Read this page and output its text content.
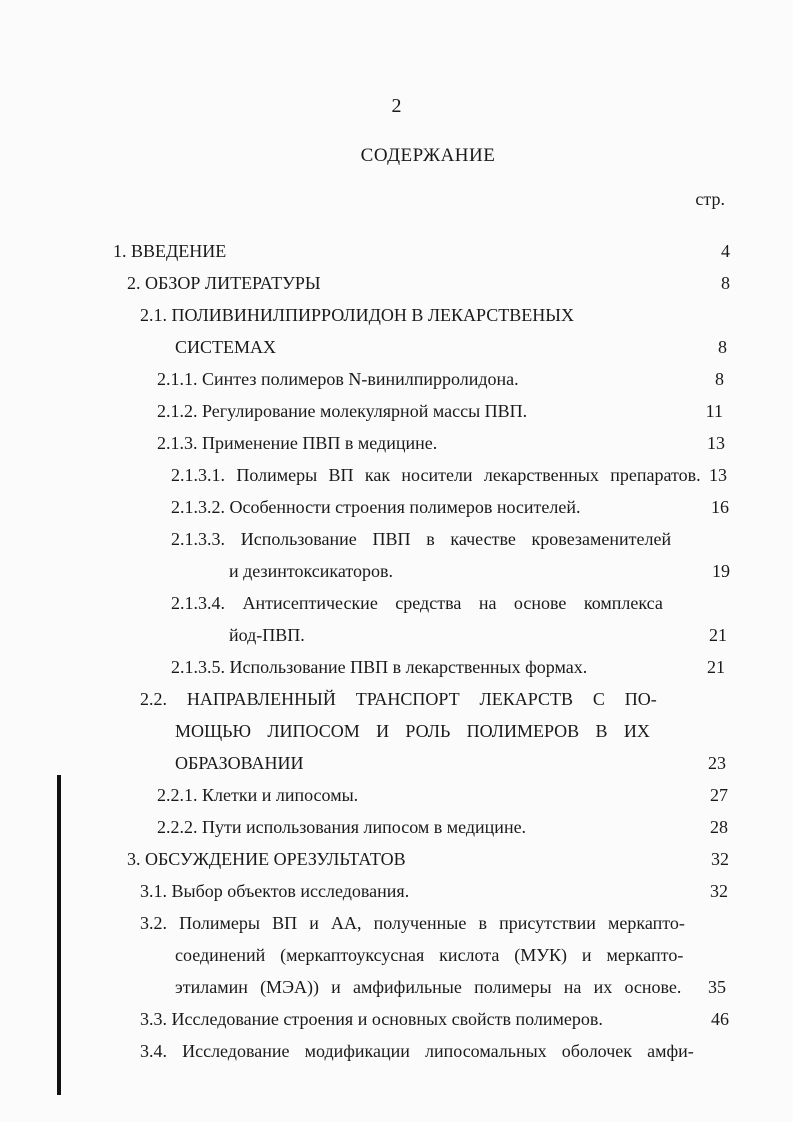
2
СОДЕРЖАНИЕ
стр.
1. ВВЕДЕНИЕ	4
2. ОБЗОР ЛИТЕРАТУРЫ	8
2.1. ПОЛИВИНИЛПИРРОЛИДОН В ЛЕКАРСТВЕНЫХ
СИСТЕМАХ	8
2.1.1. Синтез полимеров N-винилпирролидона.	8
2.1.2. Регулирование молекулярной массы ПВП.	11
2.1.3. Применение ПВП в медицине.	13
2.1.3.1. Полимеры ВП как носители лекарственных препаратов. 13
2.1.3.2. Особенности строения полимеров носителей.	16
2.1.3.3. Использование ПВП в качестве кровезаменителей
и дезинтоксикаторов.	19
2.1.3.4. Антисептические средства на основе комплекса
йод-ПВП.	21
2.1.3.5. Использование ПВП в лекарственных формах.	21
2.2. НАПРАВЛЕННЫЙ ТРАНСПОРТ ЛЕКАРСТВ С ПО-
МОЩЬЮ ЛИПОСОМ И РОЛЬ ПОЛИМЕРОВ В ИХ
ОБРАЗОВАНИИ	23
2.2.1. Клетки и липосомы.	27
2.2.2. Пути использования липосом в медицине.	28
3. ОБСУЖДЕНИЕ ОРЕЗУЛЬТАТОВ	32
3.1. Выбор объектов исследования.	32
3.2. Полимеры ВП и АА, полученные в присутствии меркапто-
соединений (меркаптоуксусная кислота (МУК) и меркапто-
этиламин (МЭА)) и амфифильные полимеры на их основе. 35
3.3. Исследование строения и основных свойств полимеров.	46
3.4. Исследование модификации липосомальных оболочек амфи-
